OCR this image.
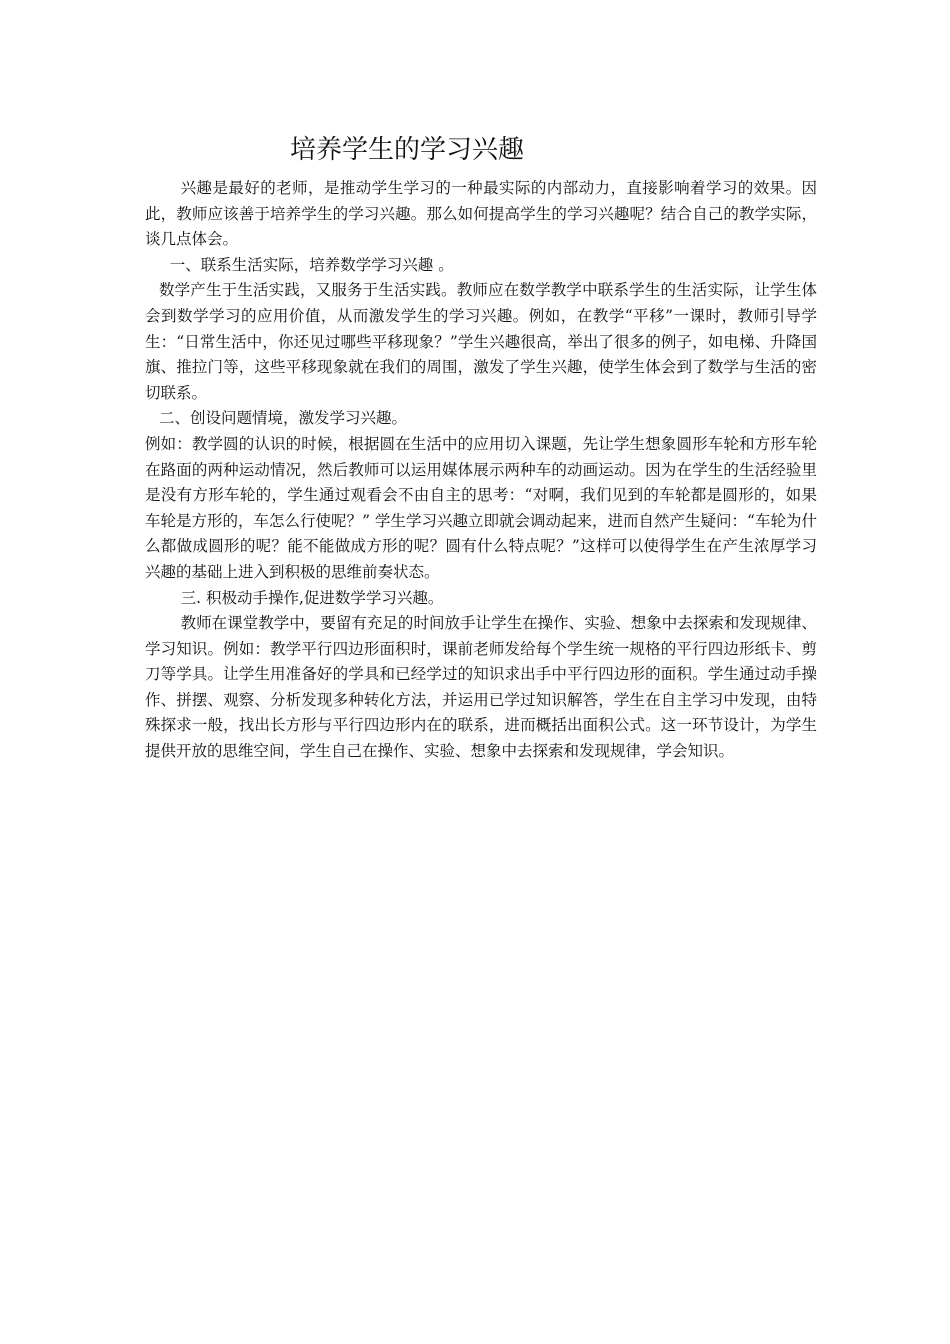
培养学生的学习兴趣

兴趣是最好的老师，是推动学生学习的一种最实际的内部动力，直接影响着学习的效果。因此，教师应该善于培养学生的学习兴趣。那么如何提高学生的学习兴趣呢？结合自己的教学实际，谈几点体会。

一、联系生活实际，培养数学学习兴趣 。

数学产生于生活实践，又服务于生活实践。教师应在数学教学中联系学生的生活实际，让学生体会到数学学习的应用价值，从而激发学生的学习兴趣。例如，在教学“平移”一课时，教师引导学生：“日常生活中，你还见过哪些平移现象？”学生兴趣很高，举出了很多的例子，如电梯、升降国旗、推拉门等，这些平移现象就在我们的周围，激发了学生兴趣，使学生体会到了数学与生活的密切联系。

二、创设问题情境，激发学习兴趣。

例如：教学圆的认识的时候，根据圆在生活中的应用切入课题，先让学生想象圆形车轮和方形车轮在路面的两种运动情况，然后教师可以运用媒体展示两种车的动画运动。因为在学生的生活经验里是没有方形车轮的，学生通过观看会不由自主的思考：“对啊，我们见到的车轮都是圆形的，如果车轮是方形的，车怎么行使呢？” 学生学习兴趣立即就会调动起来，进而自然产生疑问：“车轮为什么都做成圆形的呢？能不能做成方形的呢？圆有什么特点呢？”这样可以使得学生在产生浓厚学习兴趣的基础上进入到积极的思维前奏状态。

三. 积极动手操作,促进数学学习兴趣。

教师在课堂教学中，要留有充足的时间放手让学生在操作、实验、想象中去探索和发现规律、学习知识。例如：教学平行四边形面积时，课前老师发给每个学生统一规格的平行四边形纸卡、剪刀等学具。让学生用准备好的学具和已经学过的知识求出手中平行四边形的面积。学生通过动手操作、拼摆、观察、分析发现多种转化方法，并运用已学过知识解答，学生在自主学习中发现，由特殊探求一般，找出长方形与平行四边形内在的联系，进而概括出面积公式。这一环节设计，为学生提供开放的思维空间，学生自己在操作、实验、想象中去探索和发现规律，学会知识。
